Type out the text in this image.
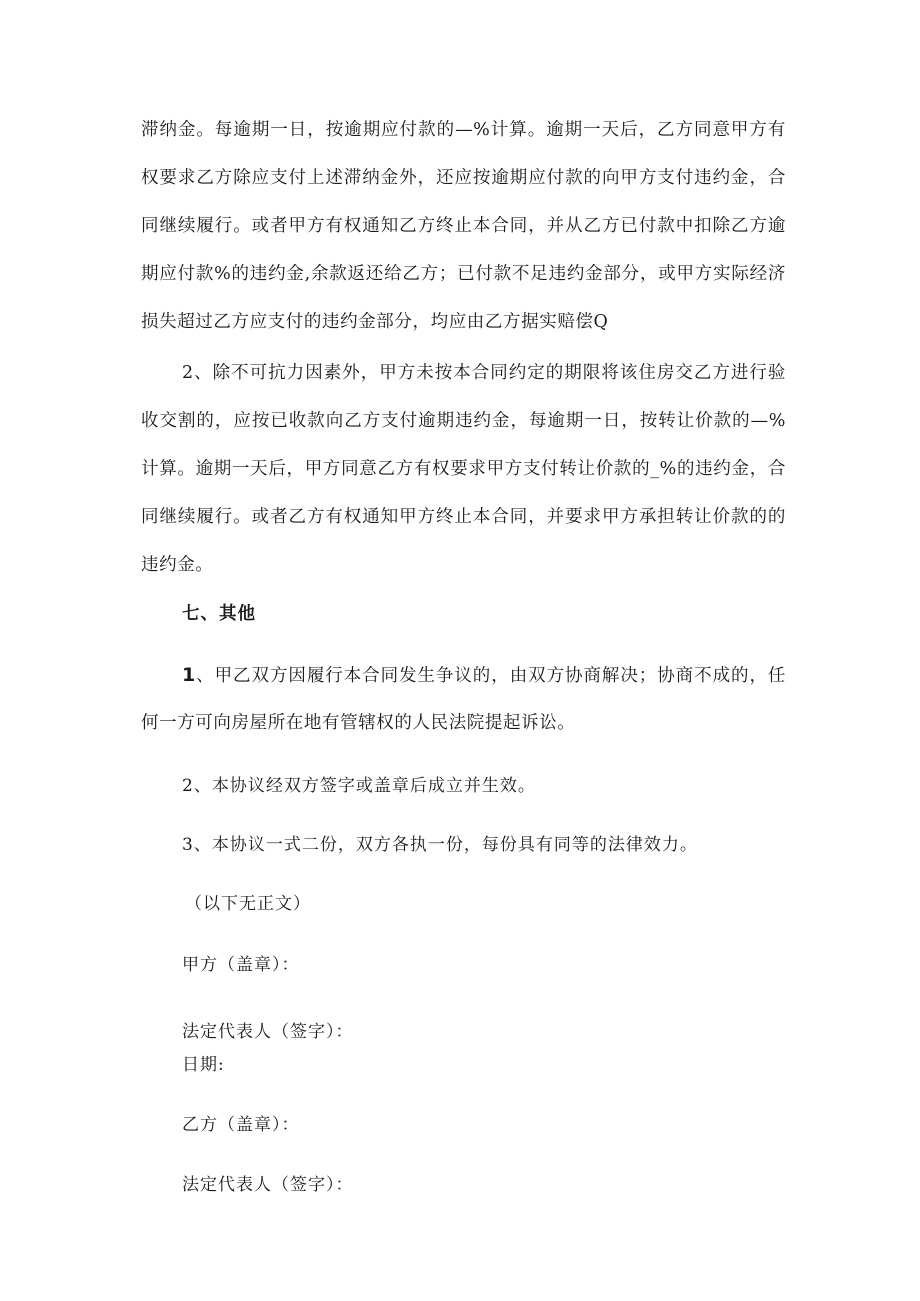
滞纳金。每逾期一日，按逾期应付款的—%计算。逾期一天后，乙方同意甲方有
权要求乙方除应支付上述滞纳金外，还应按逾期应付款的向甲方支付违约金，合
同继续履行。或者甲方有权通知乙方终止本合同，并从乙方已付款中扣除乙方逾
期应付款%的违约金,余款返还给乙方；已付款不足违约金部分，或甲方实际经济
损失超过乙方应支付的违约金部分，均应由乙方据实赔偿Q
2、除不可抗力因素外，甲方未按本合同约定的期限将该住房交乙方进行验
收交割的，应按已收款向乙方支付逾期违约金，每逾期一日，按转让价款的—%
计算。逾期一天后，甲方同意乙方有权要求甲方支付转让价款的_%的违约金，合
同继续履行。或者乙方有权通知甲方终止本合同，并要求甲方承担转让价款的的
违约金。
七、其他
1、甲乙双方因履行本合同发生争议的，由双方协商解决；协商不成的，任
何一方可向房屋所在地有管辖权的人民法院提起诉讼。
2、本协议经双方签字或盖章后成立并生效。
3、本协议一式二份，双方各执一份，每份具有同等的法律效力。
（以下无正文）
甲方（盖章）：
法定代表人（签字）：
日期:
乙方（盖章）：
法定代表人（签字）：
